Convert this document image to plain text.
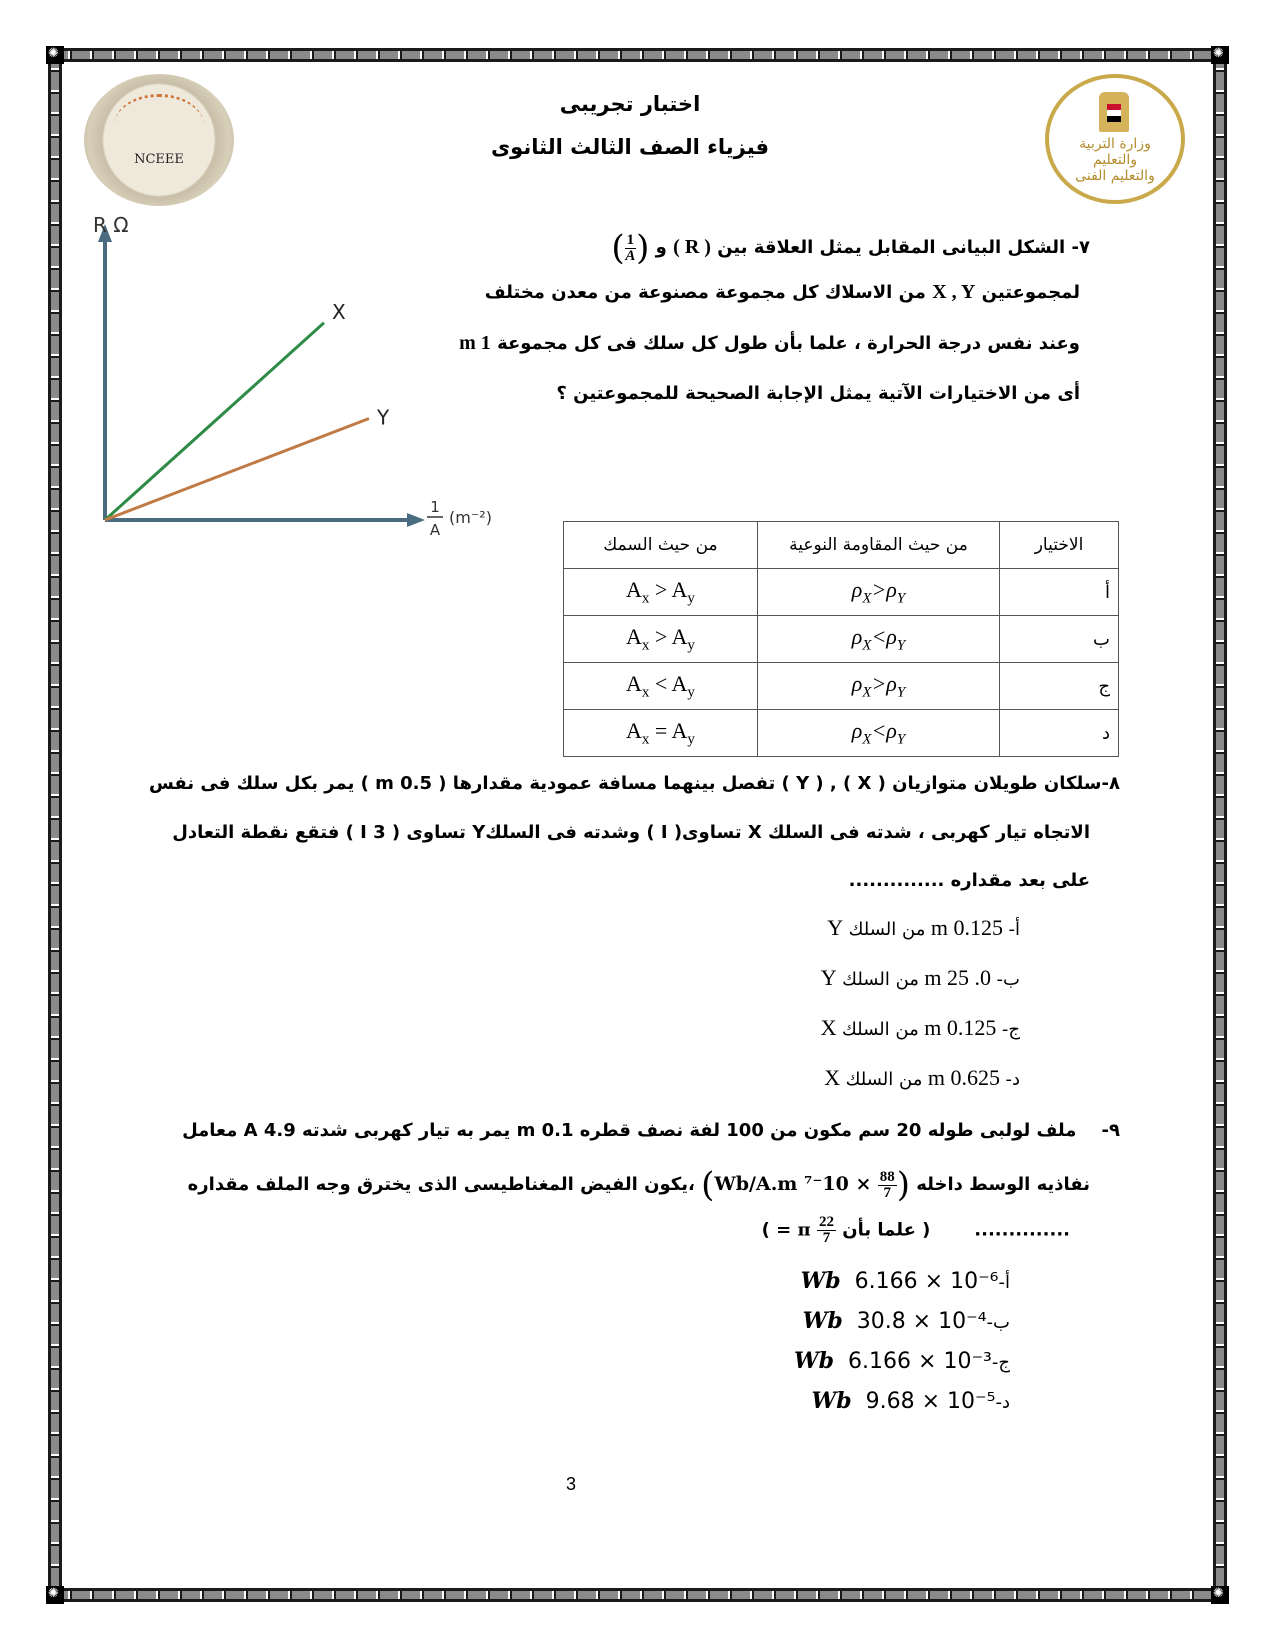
✺
✺
✺
✺
NCEEE
وزارة التربية والتعليم والتعليم الفنى
اختبار تجريبى
فيزياء الصف الثالث الثانوى
٧- الشكل البيانى المقابل يمثل العلاقة بين ( R ) و (
$\frac{1}{A}$
)
لمجموعتين X , Y من الاسلاك كل مجموعة مصنوعة من معدن مختلف
وعند نفس درجة الحرارة ، علما بأن طول كل سلك فى كل مجموعة 1 m
أى من الاختيارات الآتية يمثل الإجابة الصحيحة للمجموعتين ؟
R Ω
1
A
(m⁻²)
X
Y
الاختيار	من حيث المقاومة النوعية	من حيث السمك
أ	$\rho_X>\rho_Y$	$A_x > A_y$
ب	$\rho_X<\rho_Y$	$A_x > A_y$
ج	$\rho_X>\rho_Y$	$A_x < A_y$
د	$\rho_X<\rho_Y$	$A_x = A_y$
٨-سلكان طويلان متوازيان ( X ) , ( Y ) تفصل بينهما مسافة عمودية مقدارها ( 0.5 m ) يمر بكل سلك فى نفس
الاتجاه تيار كهربى ، شدته فى السلك X تساوى( I ) وشدته فى السلكY تساوى ( 3 I ) فتقع نقطة التعادل
على بعد مقداره ..............
أ- 0.125 m من السلك Y
ب- 0. 25 m من السلك Y
ج- 0.125 m من السلك X
د- 0.625 m من السلك X
٩-    ملف لولبى طوله 20 سم مكون من 100 لفة نصف قطره 0.1 m يمر به تيار كهربى شدته 4.9 A معامل
نفاذيه الوسط داخله (
$\frac{88}{7}$
× 10⁻⁷ Wb/A.m) ،يكون الفيض المغناطيسى الذى يخترق وجه الملف مقداره
..............       ( علما بأن
$\frac{22}{7}$
π = )
أ-Wb 6.166 × 10⁻⁶
ب-Wb 30.8 × 10⁻⁴
ج-Wb 6.166 × 10⁻³
د-Wb 9.68 × 10⁻⁵
3
